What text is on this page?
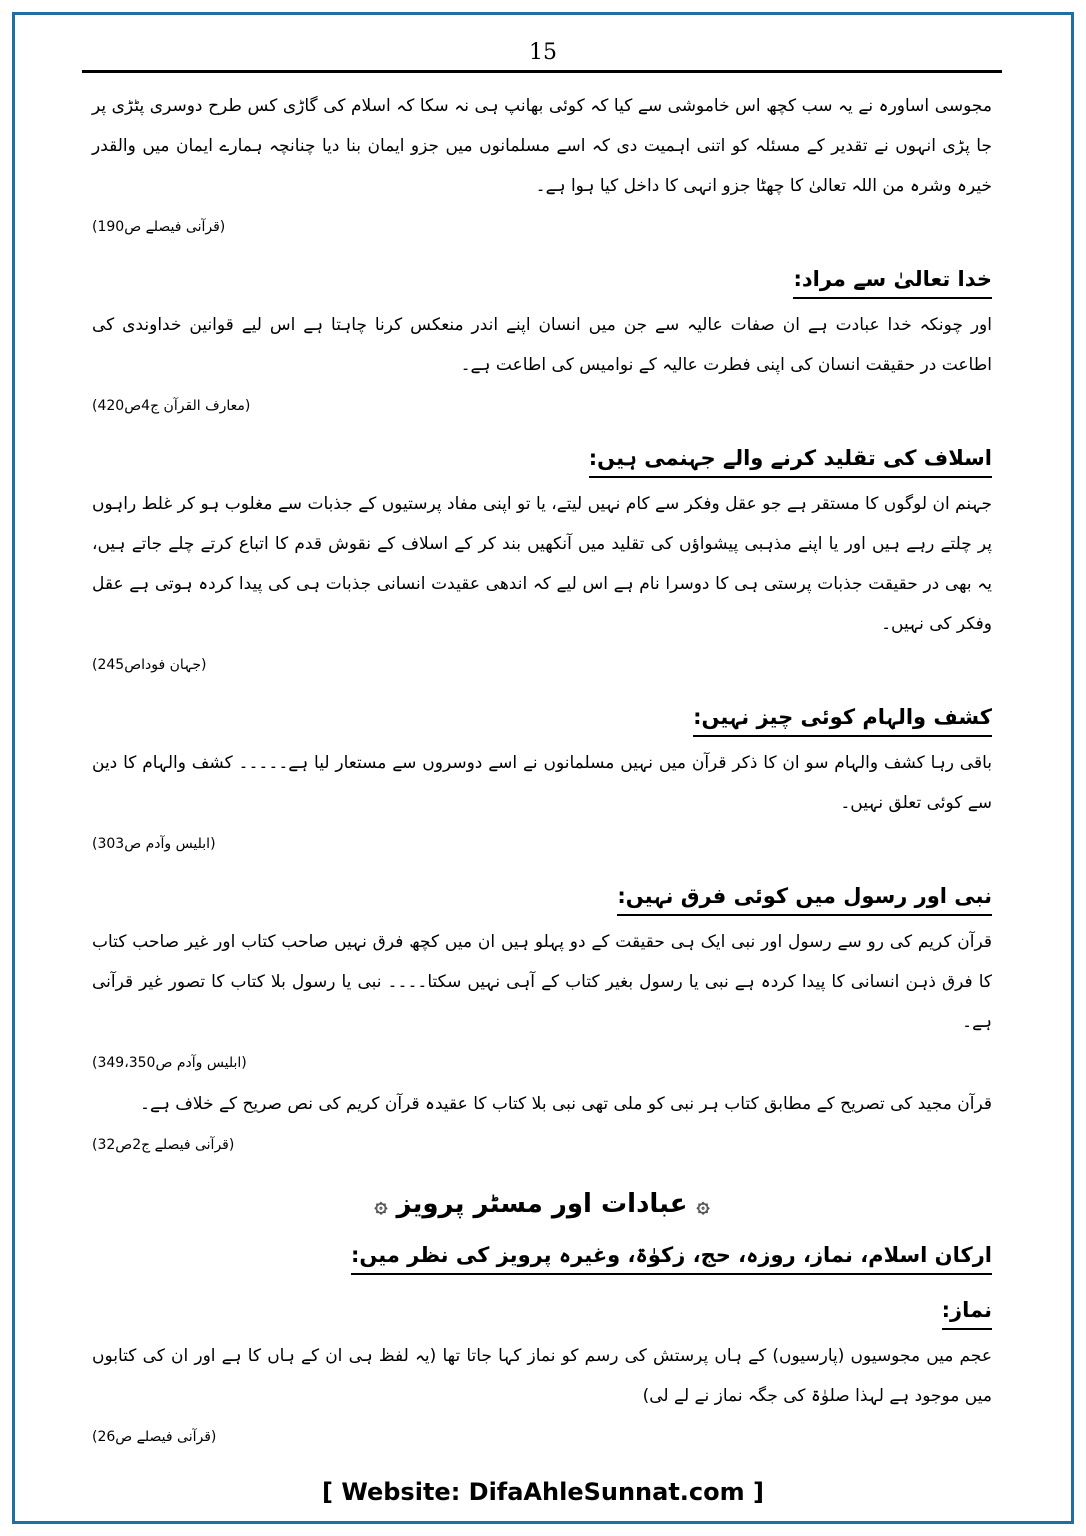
15

مجوسی اساورہ نے یہ سب کچھ اس خاموشی سے کیا کہ کوئی بھانپ ہی نہ سکا کہ اسلام کی گاڑی کس طرح دوسری پٹڑی پر جا پڑی انہوں نے تقدیر کے مسئلہ کو اتنی اہمیت دی کہ اسے مسلمانوں میں جزو ایمان بنا دیا چنانچہ ہمارے ایمان میں والقدر خیرہ وشرہ من اللہ تعالیٰ کا چھٹا جزو انہی کا داخل کیا ہوا ہے۔

(قرآنی فیصلے ص190)
خدا تعالیٰ سے مراد:

اور چونکہ خدا عبادت ہے ان صفات عالیہ سے جن میں انسان اپنے اندر منعکس کرنا چاہتا ہے اس لیے قوانین خداوندی کی اطاعت در حقیقت انسان کی اپنی فطرت عالیہ کے نوامیس کی اطاعت ہے۔

(معارف القرآن ج4ص420)
اسلاف کی تقلید کرنے والے جہنمی ہیں:

جہنم ان لوگوں کا مستقر ہے جو عقل وفکر سے کام نہیں لیتے، یا تو اپنی مفاد پرستیوں کے جذبات سے مغلوب ہو کر غلط راہوں پر چلتے رہے ہیں اور یا اپنے مذہبی پیشواؤں کی تقلید میں آنکھیں بند کر کے اسلاف کے نقوش قدم کا اتباع کرتے چلے جاتے ہیں، یہ بھی در حقیقت جذبات پرستی ہی کا دوسرا نام ہے اس لیے کہ اندھی عقیدت انسانی جذبات ہی کی پیدا کردہ ہوتی ہے عقل وفکر کی نہیں۔

(جہان فوداص245)
کشف والہام کوئی چیز نہیں:

باقی رہا کشف والہام سو ان کا ذکر قرآن میں نہیں مسلمانوں نے اسے دوسروں سے مستعار لیا ہے۔۔۔۔۔ کشف والہام کا دین سے کوئی تعلق نہیں۔

(ابلیس وآدم ص303)
نبی اور رسول میں کوئی فرق نہیں:

قرآن کریم کی رو سے رسول اور نبی ایک ہی حقیقت کے دو پہلو ہیں ان میں کچھ فرق نہیں صاحب کتاب اور غیر صاحب کتاب کا فرق ذہن انسانی کا پیدا کردہ ہے نبی یا رسول بغیر کتاب کے آہی نہیں سکتا۔۔۔۔ نبی یا رسول بلا کتاب کا تصور غیر قرآنی ہے۔

(ابلیس وآدم ص349،350)

قرآن مجید کی تصریح کے مطابق کتاب ہر نبی کو ملی تھی نبی بلا کتاب کا عقیدہ قرآن کریم کی نص صریح کے خلاف ہے۔

(قرآنی فیصلے ج2ص32)
۞ عبادات اور مسٹر پرویز ۞
ارکان اسلام، نماز، روزہ، حج، زکوٰۃ، وغیرہ پرویز کی نظر میں:
نماز:

عجم میں مجوسیوں (پارسیوں) کے ہاں پرستش کی رسم کو نماز کہا جاتا تھا (یہ لفظ ہی ان کے ہاں کا ہے اور ان کی کتابوں میں موجود ہے لہذا صلوٰۃ کی جگہ نماز نے لے لی)

(قرآنی فیصلے ص26)
[ Website: DifaAhleSunnat.com ]
